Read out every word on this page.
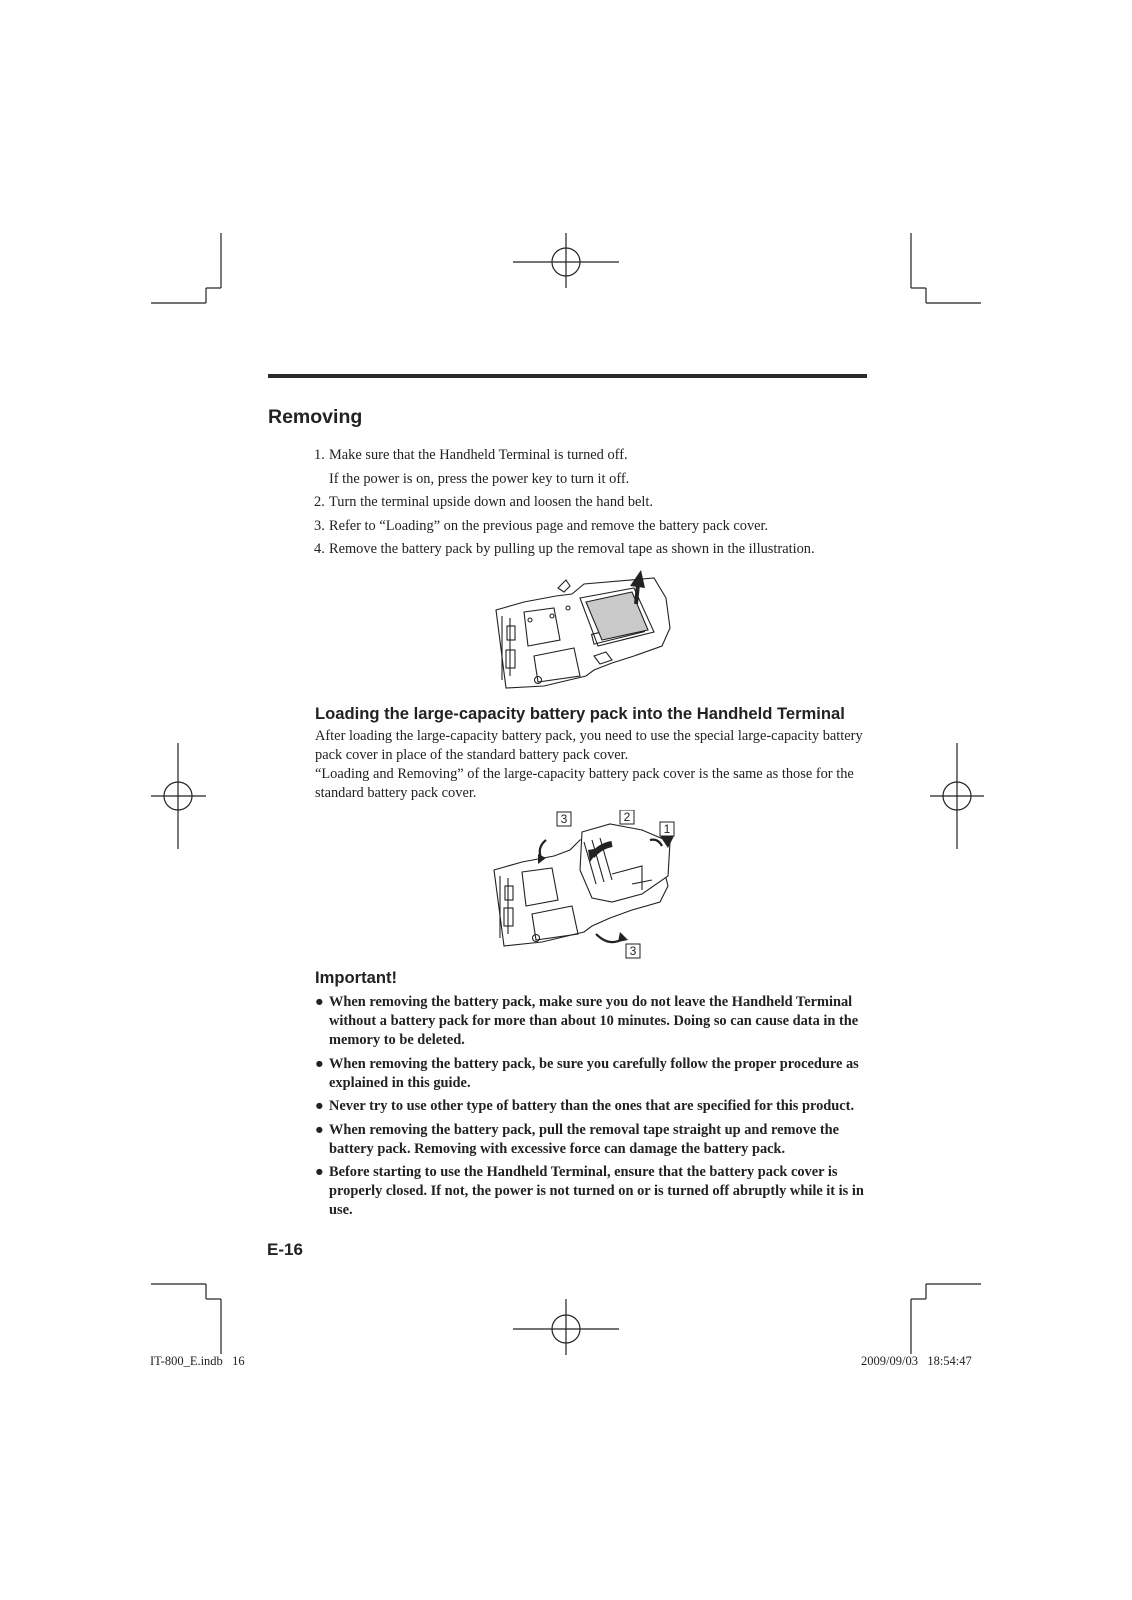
Removing
1. Make sure that the Handheld Terminal is turned off.
If the power is on, press the power key to turn it off.
2. Turn the terminal upside down and loosen the hand belt.
3. Refer to “Loading” on the previous page and remove the battery pack cover.
4. Remove the battery pack by pulling up the removal tape as shown in the illustration.
Loading the large-capacity battery pack into the Handheld Terminal

After loading the large-capacity battery pack, you need to use the special large-capacity battery pack cover in place of the standard battery pack cover.

“Loading and Removing” of the large-capacity battery pack cover is the same as those for the standard battery pack cover.

3	2
1
3
Important!
● When removing the battery pack, make sure you do not leave the Handheld Terminal without a battery pack for more than about 10 minutes. Doing so can cause data in the memory to be deleted.
● When removing the battery pack, be sure you carefully follow the proper procedure as explained in this guide.
● Never try to use other type of battery than the ones that are specified for this product.
● When removing the battery pack, pull the removal tape straight up and remove the battery pack. Removing with excessive force can damage the battery pack.
● Before starting to use the Handheld Terminal, ensure that the battery pack cover is properly closed. If not, the power is not turned on or is turned off abruptly while it is in use.
E-16
IT-800_E.indb   16	2009/09/03   18:54:47
